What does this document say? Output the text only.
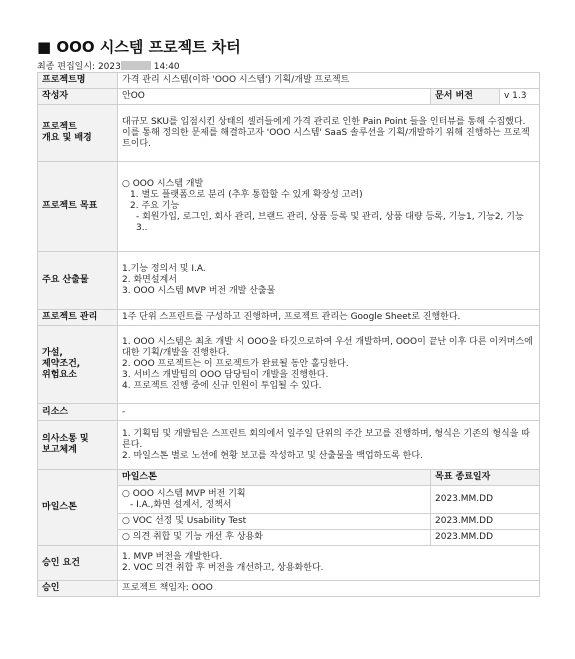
■ OOO 시스템 프로젝트 차터
최종 편집일시: 2023	14:40
프로젝트명	가격 관리 시스템(이하 'OOO 시스템') 기획/개발 프로젝트		
작성자	안OO	문서 버전	v 1.3

프로젝트
개요 및 배경	대규모 SKU를 입점시킨 상태의 셀러들에게 가격 관리로 인한 Pain Point 들을 인터뷰를 통해 수집했다. 이를 통해 정의한 문제를 해결하고자 'OOO 시스템' SaaS 솔루션을 기획/개발하기 위해 진행하는 프로젝트이다.		
프로젝트 목표	○ OOO 시스템 개발
1. 별도 플랫폼으로 분리 (추후 통합할 수 있게 확장성 고려)
2. 주요 기능
- 회원가입, 로그인, 회사 관리, 브랜드 관리, 상품 등록 및 관리, 상품 대량 등록, 기능1, 기능2, 기능3..		

주요 산출물	1.기능 정의서 및 I.A.
2. 화면설계서
3. OOO 시스템 MVP 버전 개발 산출물		

프로젝트 관리	1주 단위 스프린트를 구성하고 진행하며, 프로젝트 관리는 Google Sheet로 진행한다.		

가설,
제약조건,
위험요소	1. OOO 시스템은 최초 개발 시 OOO을 타깃으로하여 우선 개발하며, OOO이 끝난 이후 다른 이커머스에 대한 기획/개발을 진행한다.
2. OOO 프로젝트는 이 프로젝트가 완료될 동안 홀딩한다.
3. 서비스 개발팀의 OOO 담당팀이 개발을 진행한다.
4. 프로젝트 진행 중에 신규 인원이 투입될 수 있다.		

리소스	-		

의사소통 및
보고체계	1. 기획팀 및 개발팀은 스프린트 회의에서 일주일 단위의 주간 보고를 진행하며, 형식은 기존의 형식을 따른다.
2. 마일스톤 별로 노션에 현황 보고를 작성하고 및 산출물을 백업하도록 한다.		

마일스톤	마일스톤	목표 종료일자	

	○ OOO 시스템 MVP 버전 기획
- I.A.,화면 설계서, 정책서	2023.MM.DD	
	○ VOC 선정 및 Usability Test	2023.MM.DD	
	○ 의견 취합 및 기능 개선 후 상용화	2023.MM.DD	
승인 요건	1. MVP 버전을 개발한다.
2. VOC 의견 취합 후 버전을 개선하고, 상용화한다.		

승인	프로젝트 책임자: OOO		
